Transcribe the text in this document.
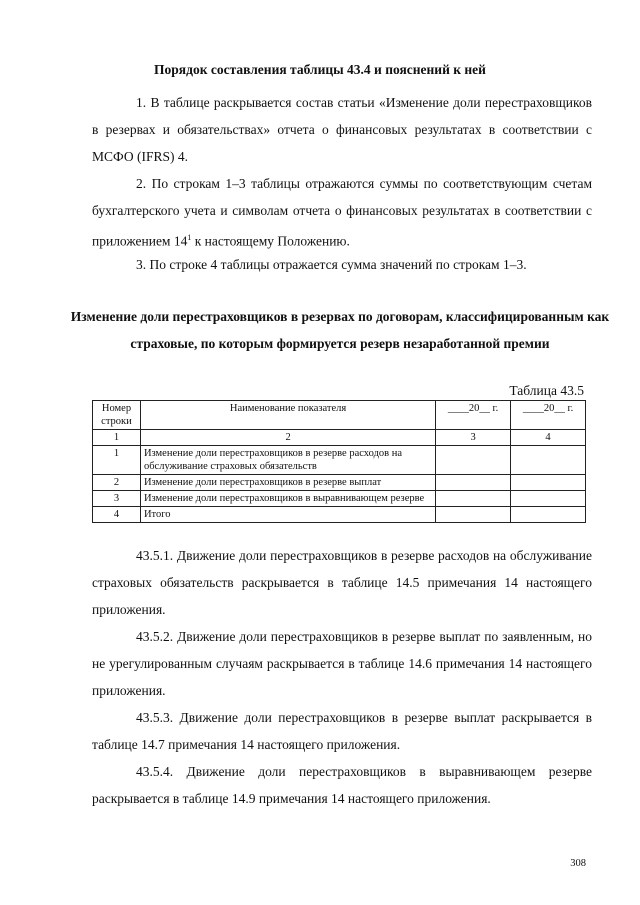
Порядок составления таблицы 43.4 и пояснений к ней
1. В таблице раскрывается состав статьи «Изменение доли перестраховщиков в резервах и обязательствах» отчета о финансовых результатах в соответствии с МСФО (IFRS) 4.
2. По строкам 1–3 таблицы отражаются суммы по соответствующим счетам бухгалтерского учета и символам отчета о финансовых результатах в соответствии с приложением $14^1$ к настоящему Положению.
3. По строке 4 таблицы отражается сумма значений по строкам 1–3.
Изменение доли перестраховщиков в резервах по договорам, классифицированным как страховые, по которым формируется резерв незаработанной премии
Таблица 43.5
Номер строки	Наименование показателя	____20__ г.	____20__ г.
1	2	3	4
1	Изменение доли перестраховщиков в резерве расходов на обслуживание страховых обязательств		
2	Изменение доли перестраховщиков в резерве выплат		
3	Изменение доли перестраховщиков в выравнивающем резерве		
4	Итого		
43.5.1. Движение доли перестраховщиков в резерве расходов на обслуживание страховых обязательств раскрывается в таблице 14.5 примечания 14 настоящего приложения.
43.5.2. Движение доли перестраховщиков в резерве выплат по заявленным, но не урегулированным случаям раскрывается в таблице 14.6 примечания 14 настоящего приложения.
43.5.3. Движение доли перестраховщиков в резерве выплат раскрывается в таблице 14.7 примечания 14 настоящего приложения.
43.5.4. Движение доли перестраховщиков в выравнивающем резерве раскрывается в таблице 14.9 примечания 14 настоящего приложения.
308
